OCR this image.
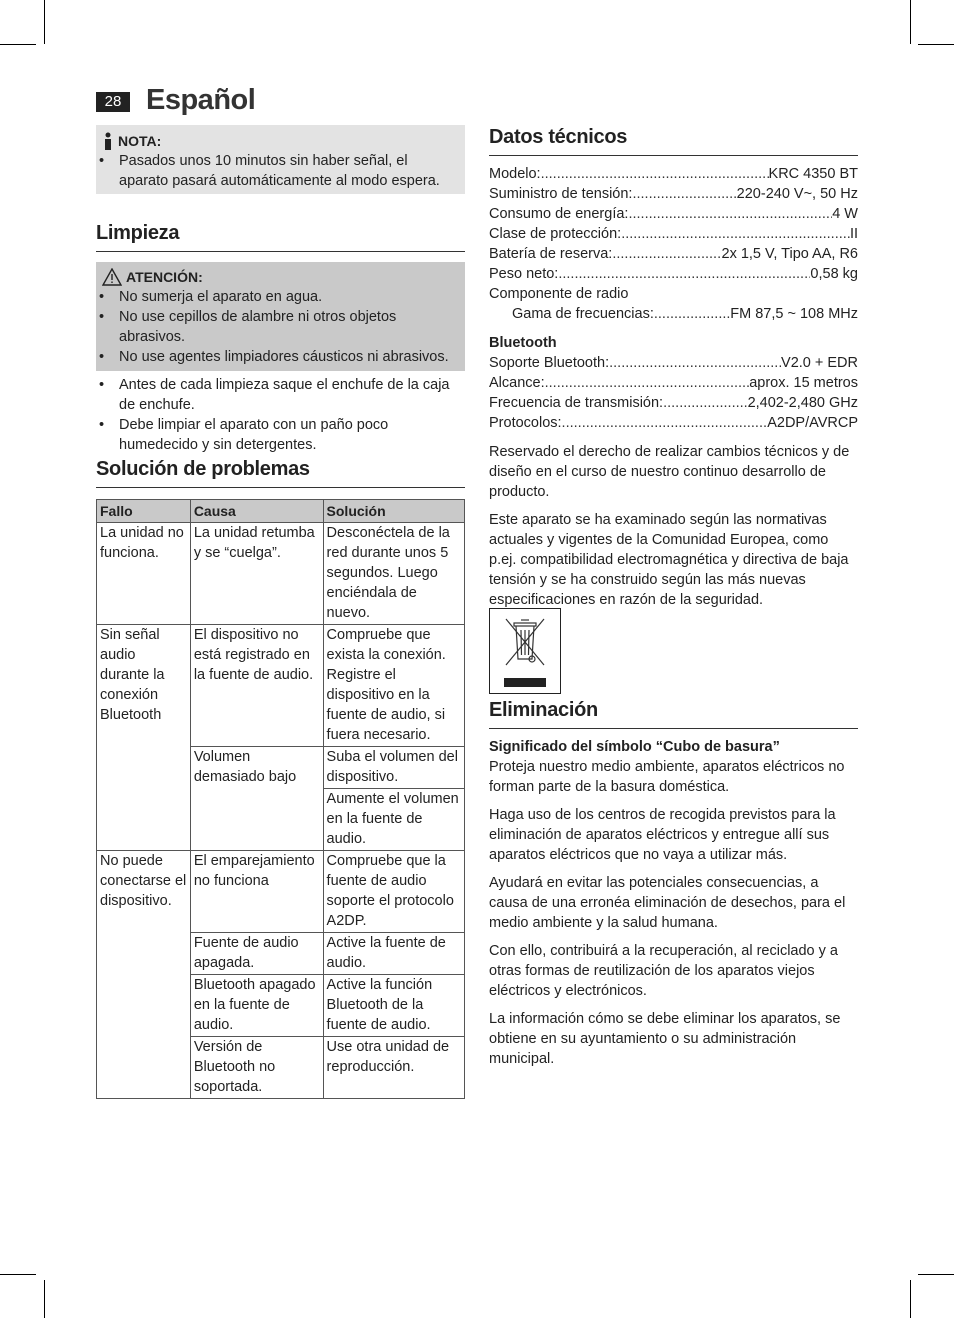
28 Español
NOTA:
• Pasados unos 10 minutos sin haber señal, el aparato pasará automáticamente al modo espera.
Limpieza
ATENCIÓN:
• No sumerja el aparato en agua.
• No use cepillos de alambre ni otros objetos abrasivos.
• No use agentes limpiadores cáusticos ni abrasivos.
• Antes de cada limpieza saque el enchufe de la caja de enchufe.
• Debe limpiar el aparato con un paño poco humedecido y sin detergentes.
Solución de problemas
Fallo	Causa	Solución
La unidad no funciona.	La unidad retumba y se “cuelga”.	Desconéctela de la red durante unos 5 segundos. Luego enciéndala de nuevo.
Sin señal audio durante la conexión Bluetooth	El dispositivo no está registrado en la fuente de audio.	Compruebe que exista la conexión. Registre el dispositivo en la fuente de audio, si fuera necesario.
	Volumen demasiado bajo	Suba el volumen del dispositivo.
		Aumente el volumen en la fuente de audio.
No puede conectarse el dispositivo.	El emparejamiento no funciona	Compruebe que la fuente de audio soporte el protocolo A2DP.
	Fuente de audio apagada.	Active la fuente de audio.
	Bluetooth apagado en la fuente de audio.	Active la función Bluetooth de la fuente de audio.
	Versión de Bluetooth no soportada.	Use otra unidad de reproducción.
Datos técnicos
Modelo: .....	KRC 4350 BT
Suministro de tensión: .....	220-240 V~, 50 Hz
Consumo de energía: .....	4 W
Clase de protección: .....	II
Batería de reserva: .....	2x 1,5 V, Tipo AA, R6
Peso neto: .....	0,58 kg
Componente de radio
Gama de frecuencias: .....	FM 87,5 ~ 108 MHz
Bluetooth
Soporte Bluetooth: .....	V2.0 + EDR
Alcance: .....	aprox. 15 metros
Frecuencia de transmisión: .....	2,402-2,480 GHz
Protocolos: .....	A2DP/AVRCP

Reservado el derecho de realizar cambios técnicos y de diseño en el curso de nuestro continuo desarrollo de producto.

Este aparato se ha examinado según las normativas actuales y vigentes de la Comunidad Europea, como p.ej. compatibilidad electromagnética y directiva de baja tensión y se ha construido según las más nuevas especificaciones en razón de la seguridad.

Eliminación
Significado del símbolo “Cubo de basura”

Proteja nuestro medio ambiente, aparatos eléctricos no forman parte de la basura doméstica.

Haga uso de los centros de recogida previstos para la eliminación de aparatos eléctricos y entregue allí sus aparatos eléctricos que no vaya a utilizar más.

Ayudará en evitar las potenciales consecuencias, a causa de una erronéa eliminación de desechos, para el medio ambiente y la salud humana.

Con ello, contribuirá a la recuperación, al reciclado y a otras formas de reutilización de los aparatos viejos eléctricos y electrónicos.

La información cómo se debe eliminar los aparatos, se obtiene en su ayuntamiento o su administración municipal.
